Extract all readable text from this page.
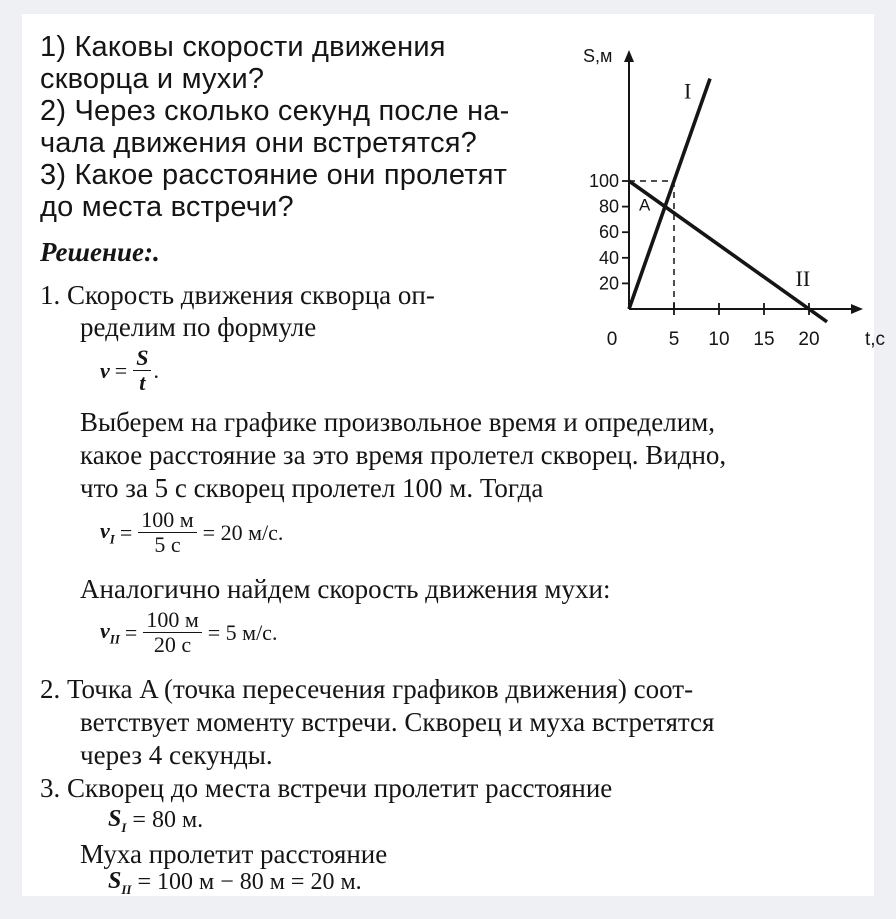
1) Каковы скорости движения
скворца и мухи?
2) Через сколько секунд после на-
чала движения они встретятся?
3) Какое расстояние они пролетят
до места встречи?
t,c
S,м
0	5 10 15 20
20
40
60
80
100
I
II
A
Решение:.
1. Скорость движения скворца оп-
ределим по формуле
$v = \frac{S}{t}$ .
Выберем на графике произвольное время и определим,
какое расстояние за это время пролетел скворец. Видно,
что за 5 с скворец пролетел 100 м. Тогда
$v_I = \frac{100 м}{5 с} = 20$ м/с.
Аналогично найдем скорость движения мухи:
$v_{II} = \frac{100 м}{20 с} = 5$ м/с.
2. Точка A (точка пересечения графиков движения) соот-
ветствует моменту встречи. Скворец и муха встретятся
через 4 секунды.
3. Скворец до места встречи пролетит расстояние
$S_I = 80$ м.
Муха пролетит расстояние
$S_{II} = 100$ м − 80 м = 20 м.
